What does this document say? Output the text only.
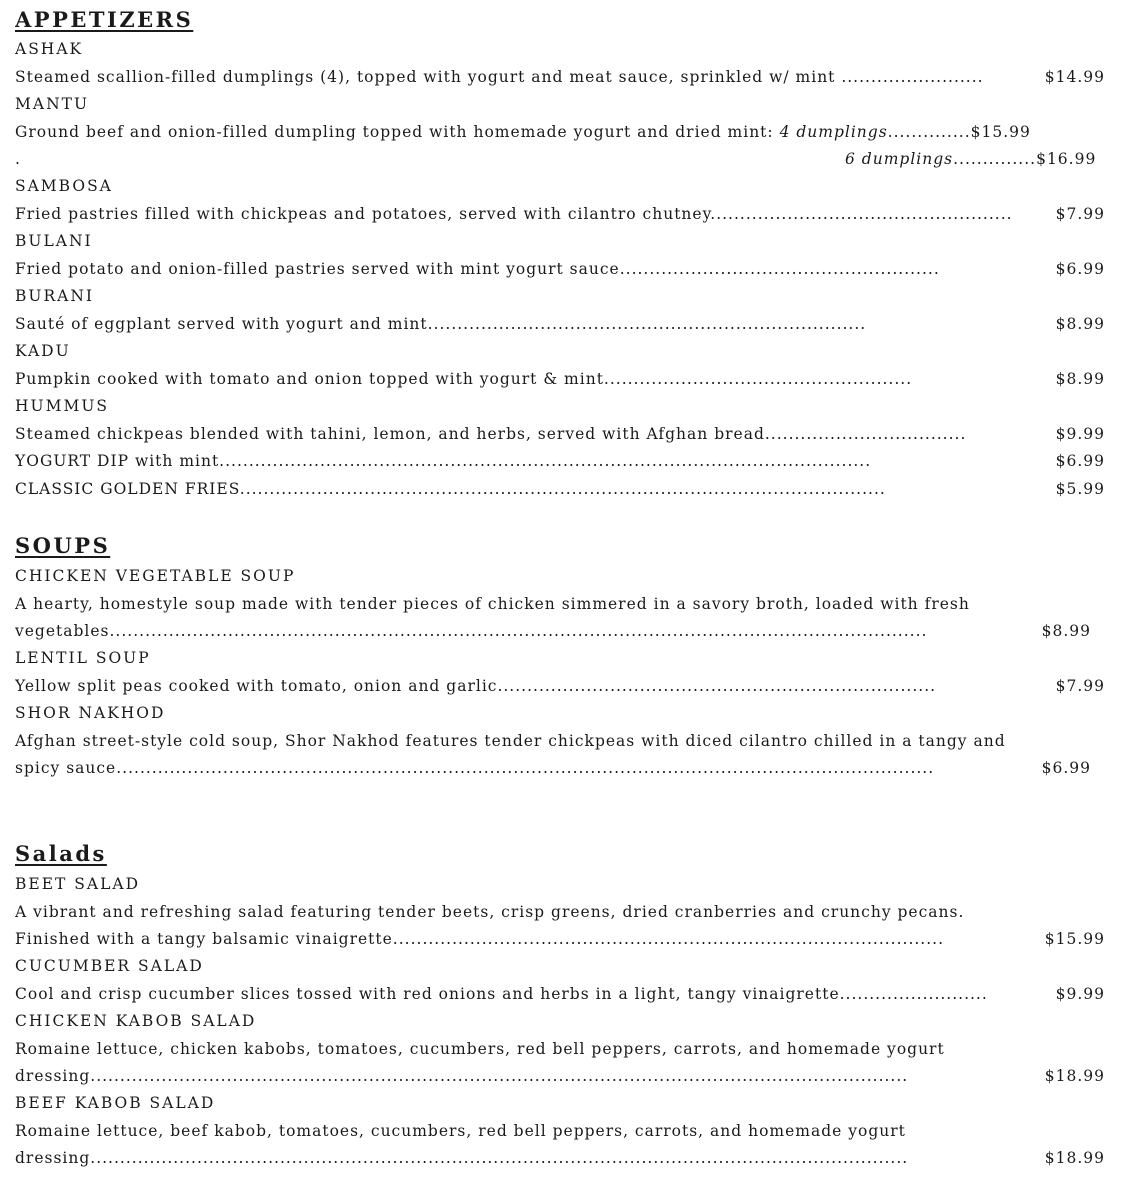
APPETIZERS
ASHAK
Steamed scallion-filled dumplings (4), topped with yogurt and meat sauce, sprinkled w/ mint ........................	$14.99
MANTU
Ground beef and onion-filled dumpling topped with homemade yogurt and dried mint: 4 dumplings..............$15.99
.	6 dumplings..............$16.99
SAMBOSA
Fried pastries filled with chickpeas and potatoes, served with cilantro chutney...................................................	$7.99
BULANI
Fried potato and onion-filled pastries served with mint yogurt sauce......................................................	$6.99
BURANI
Sauté of eggplant served with yogurt and mint..........................................................................	$8.99
KADU
Pumpkin cooked with tomato and onion topped with yogurt & mint....................................................	$8.99
HUMMUS
Steamed chickpeas blended with tahini, lemon, and herbs, served with Afghan bread..................................	$9.99
YOGURT DIP with mint..............................................................................................................	$6.99
CLASSIC GOLDEN FRIES.............................................................................................................	$5.99
SOUPS
CHICKEN VEGETABLE SOUP
A hearty, homestyle soup made with tender pieces of chicken simmered in a savory broth, loaded with fresh
vegetables..........................................................................................................................................	$8.99
LENTIL SOUP
Yellow split peas cooked with tomato, onion and garlic..........................................................................	$7.99
SHOR NAKHOD
Afghan street-style cold soup, Shor Nakhod features tender chickpeas with diced cilantro chilled in a tangy and
spicy sauce..........................................................................................................................................	$6.99
Salads
BEET SALAD
A vibrant and refreshing salad featuring tender beets, crisp greens, dried cranberries and crunchy pecans.
Finished with a tangy balsamic vinaigrette.............................................................................................	$15.99
CUCUMBER SALAD
Cool and crisp cucumber slices tossed with red onions and herbs in a light, tangy vinaigrette.........................	$9.99
CHICKEN KABOB SALAD
Romaine lettuce, chicken kabobs, tomatoes, cucumbers, red bell peppers, carrots, and homemade yogurt
dressing..........................................................................................................................................	$18.99
BEEF KABOB SALAD
Romaine lettuce, beef kabob, tomatoes, cucumbers, red bell peppers, carrots, and homemade yogurt
dressing..........................................................................................................................................	$18.99
